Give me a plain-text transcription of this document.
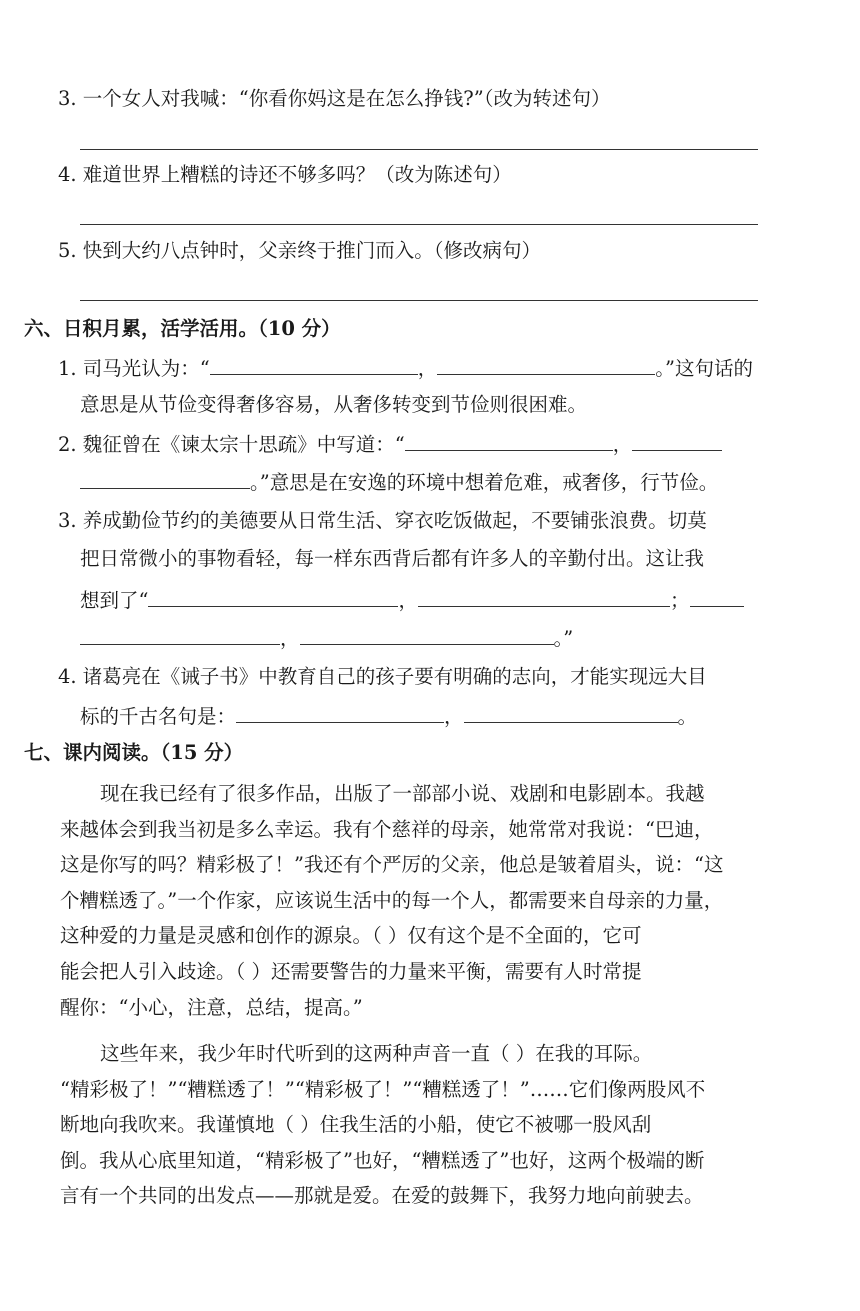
3. 一个女人对我喊：“你看你妈这是在怎么挣钱?”（改为转述句）
4. 难道世界上糟糕的诗还不够多吗？（改为陈述句）
5. 快到大约八点钟时，父亲终于推门而入。（修改病句）
六、日积月累，活学活用。（10 分）
1. 司马光认为：“	，	。”这句话的
意思是从节俭变得奢侈容易，从奢侈转变到节俭则很困难。
2. 魏征曾在《谏太宗十思疏》中写道：“	，
。”意思是在安逸的环境中想着危难，戒奢侈，行节俭。
3. 养成勤俭节约的美德要从日常生活、穿衣吃饭做起，不要铺张浪费。切莫
把日常微小的事物看轻，每一样东西背后都有许多人的辛勤付出。这让我
想到了“	，	；
，	。”
4. 诸葛亮在《诫子书》中教育自己的孩子要有明确的志向，才能实现远大目
标的千古名句是：	，	。
七、课内阅读。（15 分）
现在我已经有了很多作品，出版了一部部小说、戏剧和电影剧本。我越
来越体会到我当初是多么幸运。我有个慈祥的母亲，她常常对我说：“巴迪，
这是你写的吗？精彩极了！”我还有个严厉的父亲，他总是皱着眉头，说：“这
个糟糕透了。”一个作家，应该说生活中的每一个人，都需要来自母亲的力量，
这种爱的力量是灵感和创作的源泉。（ ）仅有这个是不全面的，它可
能会把人引入歧途。（ ）还需要警告的力量来平衡，需要有人时常提
醒你：“小心，注意，总结，提高。”
这些年来，我少年时代听到的这两种声音一直（ ）在我的耳际。
“精彩极了！”“糟糕透了！”“精彩极了！”“糟糕透了！”……它们像两股风不
断地向我吹来。我谨慎地（ ）住我生活的小船，使它不被哪一股风刮
倒。我从心底里知道，“精彩极了”也好，“糟糕透了”也好，这两个极端的断
言有一个共同的出发点——那就是爱。在爱的鼓舞下，我努力地向前驶去。
